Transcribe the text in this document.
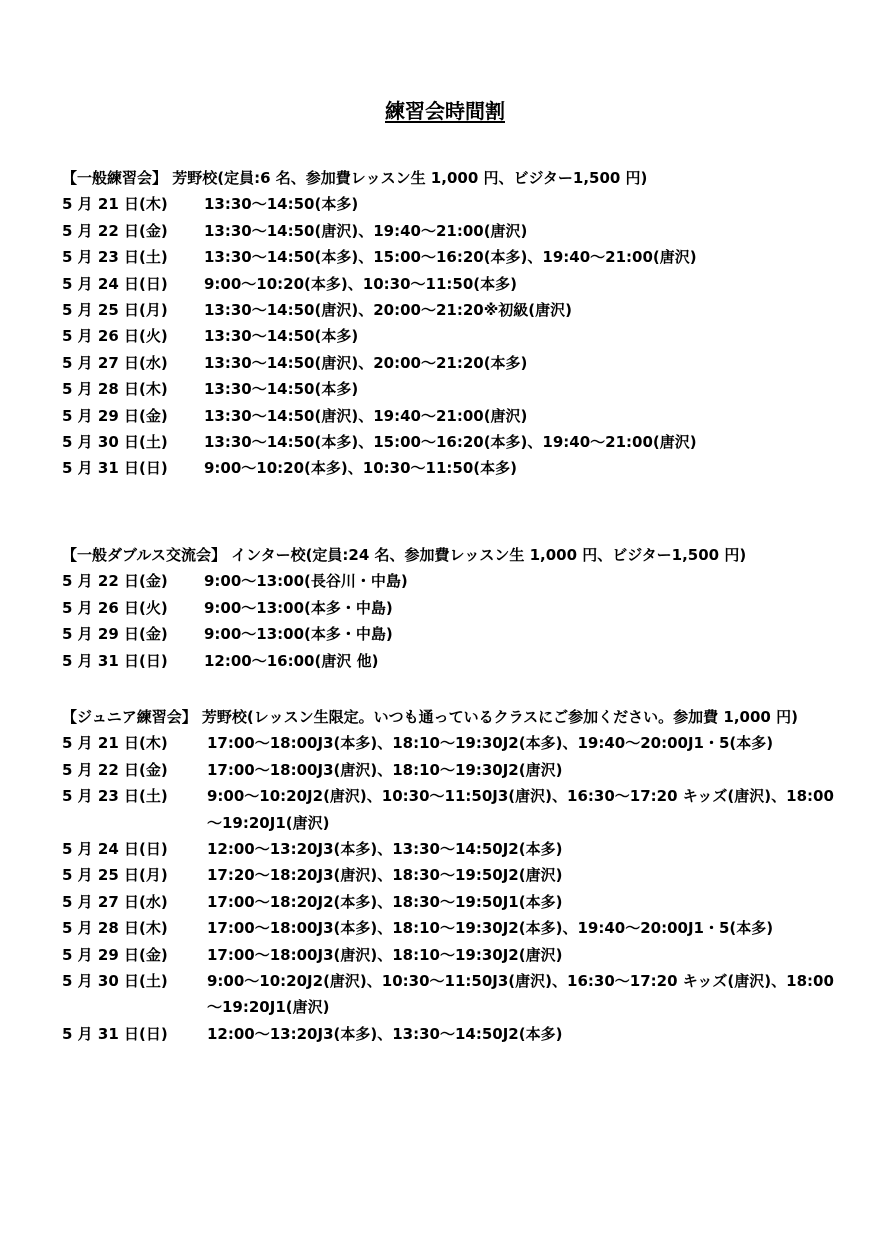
練習会時間割
【一般練習会】 芳野校(定員:6 名、参加費レッスン生 1,000 円、ビジター1,500 円)
5 月 21 日(木)	13:30～14:50(本多)
5 月 22 日(金)	13:30～14:50(唐沢)、19:40～21:00(唐沢)
5 月 23 日(土)	13:30～14:50(本多)、15:00～16:20(本多)、19:40～21:00(唐沢)
5 月 24 日(日)	9:00～10:20(本多)、10:30～11:50(本多)
5 月 25 日(月)	13:30～14:50(唐沢)、20:00～21:20※初級(唐沢)
5 月 26 日(火)	13:30～14:50(本多)
5 月 27 日(水)	13:30～14:50(唐沢)、20:00～21:20(本多)
5 月 28 日(木)	13:30～14:50(本多)
5 月 29 日(金)	13:30～14:50(唐沢)、19:40～21:00(唐沢)
5 月 30 日(土)	13:30～14:50(本多)、15:00～16:20(本多)、19:40～21:00(唐沢)
5 月 31 日(日)	9:00～10:20(本多)、10:30～11:50(本多)
【一般ダブルス交流会】 インター校(定員:24 名、参加費レッスン生 1,000 円、ビジター1,500 円)
5 月 22 日(金)	9:00～13:00(長谷川・中島)
5 月 26 日(火)	9:00～13:00(本多・中島)
5 月 29 日(金)	9:00～13:00(本多・中島)
5 月 31 日(日)	12:00～16:00(唐沢 他)
【ジュニア練習会】 芳野校(レッスン生限定。いつも通っているクラスにご参加ください。参加費 1,000 円)
5 月 21 日(木)	17:00～18:00J3(本多)、18:10～19:30J2(本多)、19:40～20:00J1・5(本多)
5 月 22 日(金)	17:00～18:00J3(唐沢)、18:10～19:30J2(唐沢)
5 月 23 日(土)	9:00～10:20J2(唐沢)、10:30～11:50J3(唐沢)、16:30～17:20 キッズ(唐沢)、18:00～19:20J1(唐沢)
5 月 24 日(日)	12:00～13:20J3(本多)、13:30～14:50J2(本多)
5 月 25 日(月)	17:20～18:20J3(唐沢)、18:30～19:50J2(唐沢)
5 月 27 日(水)	17:00～18:20J2(本多)、18:30～19:50J1(本多)
5 月 28 日(木)	17:00～18:00J3(本多)、18:10～19:30J2(本多)、19:40～20:00J1・5(本多)
5 月 29 日(金)	17:00～18:00J3(唐沢)、18:10～19:30J2(唐沢)
5 月 30 日(土)	9:00～10:20J2(唐沢)、10:30～11:50J3(唐沢)、16:30～17:20 キッズ(唐沢)、18:00～19:20J1(唐沢)
5 月 31 日(日)	12:00～13:20J3(本多)、13:30～14:50J2(本多)
